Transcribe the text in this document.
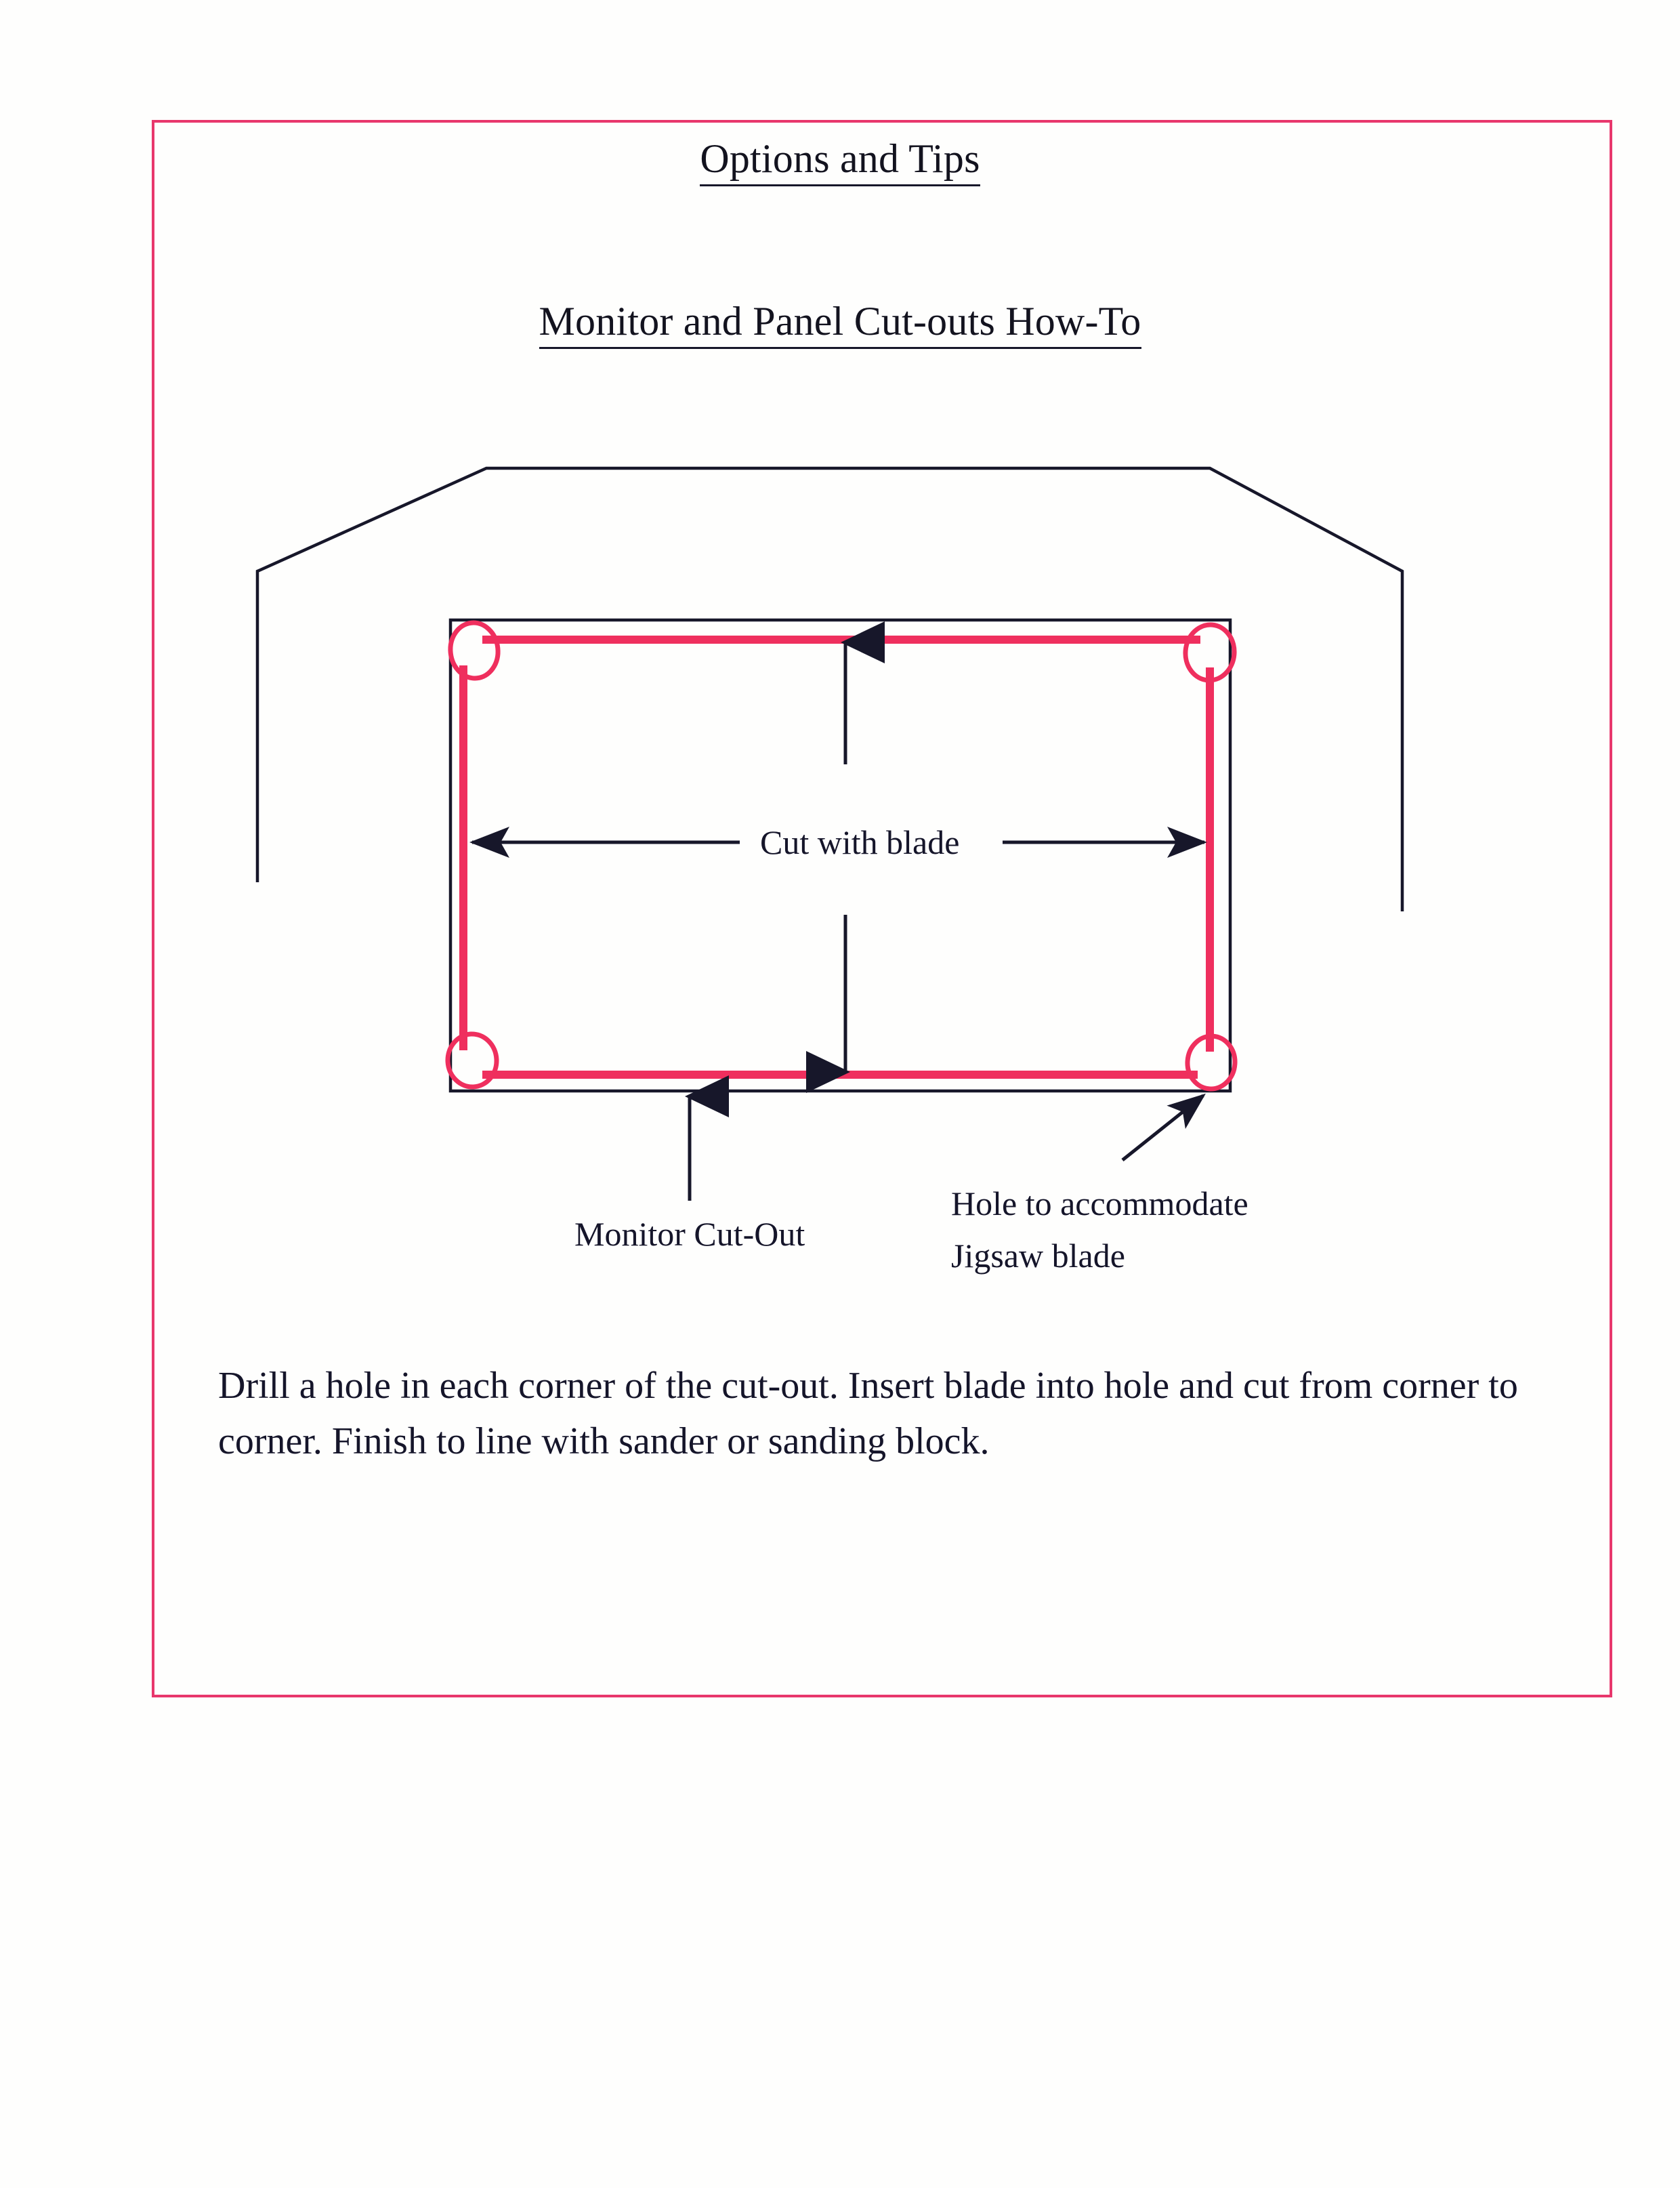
Options and Tips
Monitor and Panel Cut-outs How-To
Cut with blade
Monitor Cut-Out
Hole to accommodate
Jigsaw blade
Drill a hole in each corner of the cut-out. Insert blade into hole and cut from corner to corner. Finish to line with sander or sanding block.
